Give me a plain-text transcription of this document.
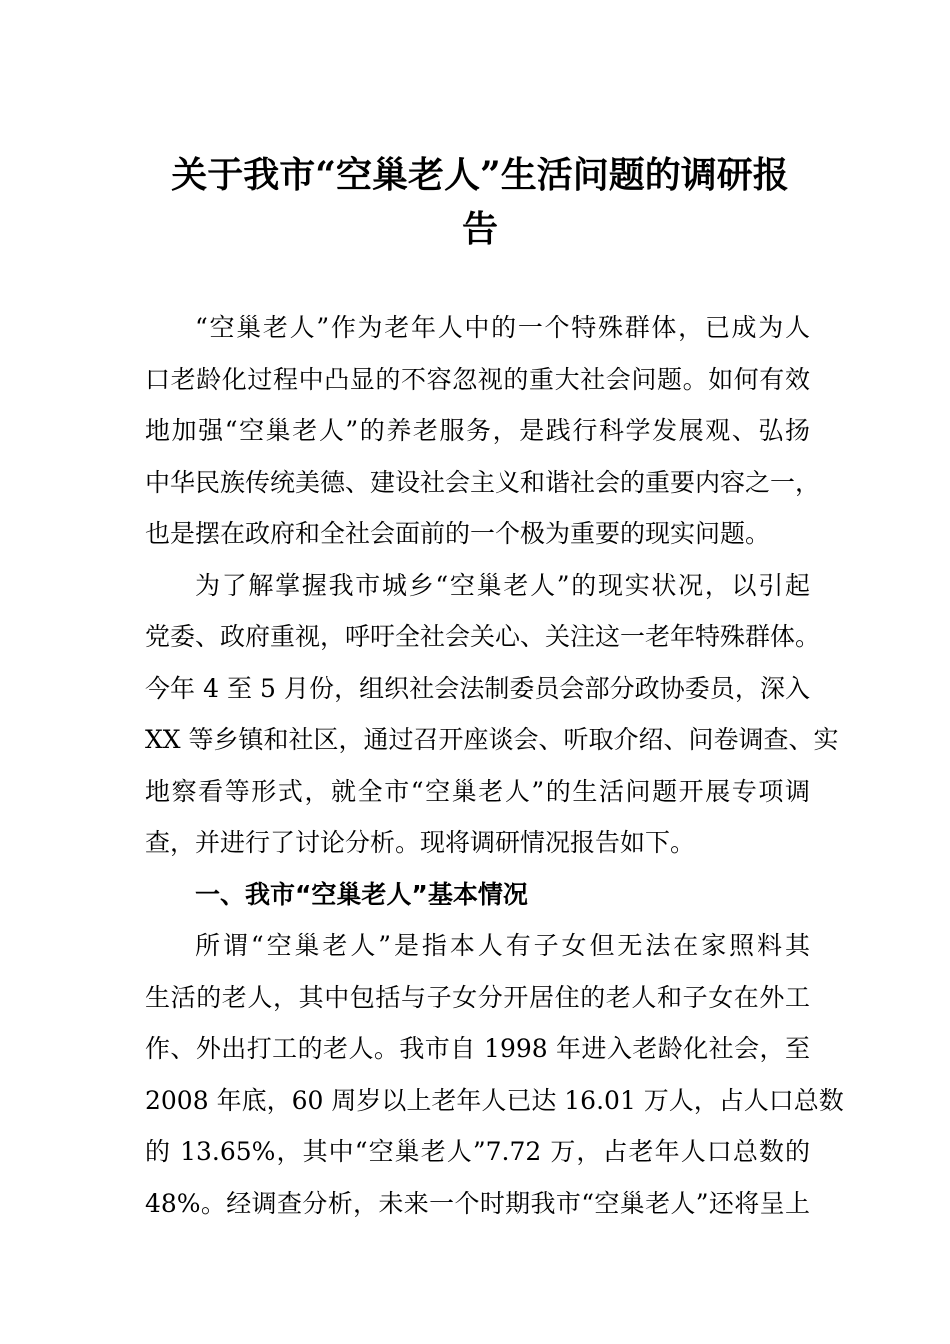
关于我市“空巢老人”生活问题的调研报
告

“空巢老人”作为老年人中的一个特殊群体，已成为人
口老龄化过程中凸显的不容忽视的重大社会问题。如何有效
地加强“空巢老人”的养老服务，是践行科学发展观、弘扬
中华民族传统美德、建设社会主义和谐社会的重要内容之一，
也是摆在政府和全社会面前的一个极为重要的现实问题。

为了解掌握我市城乡“空巢老人”的现实状况，以引起
党委、政府重视，呼吁全社会关心、关注这一老年特殊群体。
今年 4 至 5 月份，组织社会法制委员会部分政协委员，深入
XX 等乡镇和社区，通过召开座谈会、听取介绍、问卷调查、实
地察看等形式，就全市“空巢老人”的生活问题开展专项调
查，并进行了讨论分析。现将调研情况报告如下。

一、我市“空巢老人”基本情况

所谓“空巢老人”是指本人有子女但无法在家照料其
生活的老人，其中包括与子女分开居住的老人和子女在外工
作、外出打工的老人。我市自 1998 年进入老龄化社会，至
2008 年底，60 周岁以上老年人已达 16.01 万人，占人口总数
的 13.65%，其中“空巢老人”7.72 万，占老年人口总数的
48%。经调查分析，未来一个时期我市“空巢老人”还将呈上
